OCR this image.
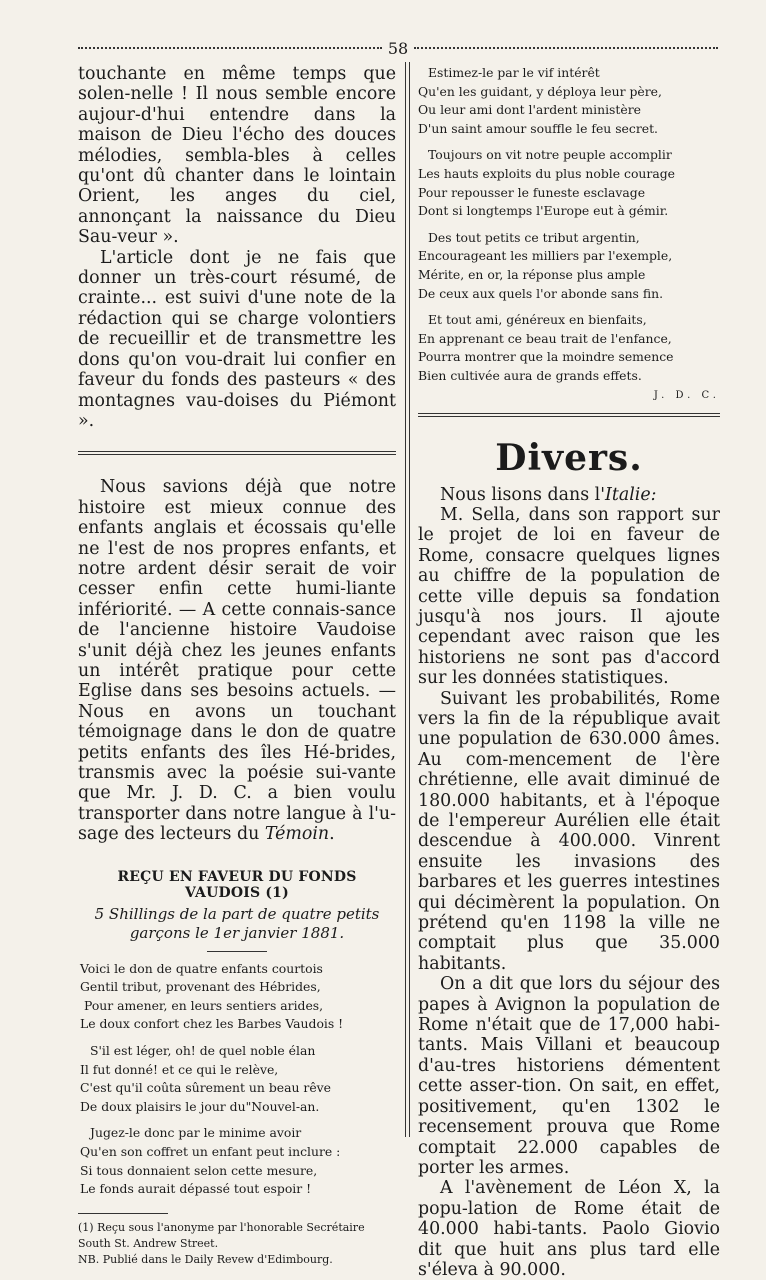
58

touchante en même temps que solen-nelle ! Il nous semble encore aujour-d'hui entendre dans la maison de Dieu l'écho des douces mélodies, sembla-bles à celles qu'ont dû chanter dans le lointain Orient, les anges du ciel, annonçant la naissance du Dieu Sau-veur ».

L'article dont je ne fais que donner un très-court résumé, de crainte... est suivi d'une note de la rédaction qui se charge volontiers de recueillir et de transmettre les dons qu'on vou-drait lui confier en faveur du fonds des pasteurs « des montagnes vau-doises du Piémont ».

Nous savions déjà que notre histoire est mieux connue des enfants anglais et écossais qu'elle ne l'est de nos propres enfants, et notre ardent désir serait de voir cesser enfin cette humi-liante infériorité. — A cette connais-sance de l'ancienne histoire Vaudoise s'unit déjà chez les jeunes enfants un intérêt pratique pour cette Eglise dans ses besoins actuels. — Nous en avons un touchant témoignage dans le don de quatre petits enfants des îles Hé-brides, transmis avec la poésie sui-vante que Mr. J. D. C. a bien voulu transporter dans notre langue à l'u-sage des lecteurs du Témoin.

REÇU EN FAVEUR DU FONDS VAUDOIS (1)

5 Shillings de la part de quatre petits

garçons le 1er janvier 1881.

Voici le don de quatre enfants courtois
Gentil tribut, provenant des Hébrides,
Pour amener, en leurs sentiers arides,
Le doux confort chez les Barbes Vaudois !
S'il est léger, oh! de quel noble élan
Il fut donné! et ce qui le relève,
C'est qu'il coûta sûrement un beau rêve
De doux plaisirs le jour du"Nouvel-an.
Jugez-le donc par le minime avoir
Qu'en son coffret un enfant peut inclure :
Si tous donnaient selon cette mesure,
Le fonds aurait dépassé tout espoir !

(1) Reçu sous l'anonyme par l'honorable Secrétaire South St. Andrew Street.

NB. Publié dans le Daily Revew d'Edimbourg.

Estimez-le par le vif intérêt
Qu'en les guidant, y déploya leur père,
Ou leur ami dont l'ardent ministère
D'un saint amour souffle le feu secret.
Toujours on vit notre peuple accomplir
Les hauts exploits du plus noble courage
Pour repousser le funeste esclavage
Dont si longtemps l'Europe eut à gémir.
Des tout petits ce tribut argentin,
Encourageant les milliers par l'exemple,
Mérite, en or, la réponse plus ample
De ceux aux quels l'or abonde sans fin.
Et tout ami, généreux en bienfaits,
En apprenant ce beau trait de l'enfance,
Pourra montrer que la moindre semence
Bien cultivée aura de grands effets.
J. D. C.
Divers.

Nous lisons dans l'Italie:

M. Sella, dans son rapport sur le projet de loi en faveur de Rome, consacre quelques lignes au chiffre de la population de cette ville depuis sa fondation jusqu'à nos jours. Il ajoute cependant avec raison que les historiens ne sont pas d'accord sur les données statistiques.

Suivant les probabilités, Rome vers la fin de la république avait une population de 630.000 âmes. Au com-mencement de l'ère chrétienne, elle avait diminué de 180.000 habitants, et à l'époque de l'empereur Aurélien elle était descendue à 400.000. Vinrent ensuite les invasions des barbares et les guerres intestines qui décimèrent la population. On prétend qu'en 1198 la ville ne comptait plus que 35.000 habitants.

On a dit que lors du séjour des papes à Avignon la population de Rome n'était que de 17,000 habi-tants. Mais Villani et beaucoup d'au-tres historiens démentent cette asser-tion. On sait, en effet, positivement, qu'en 1302 le recensement prouva que Rome comptait 22.000 capables de porter les armes.

A l'avènement de Léon X, la popu-lation de Rome était de 40.000 habi-tants. Paolo Giovio dit que huit ans plus tard elle s'éleva à 90.000.
